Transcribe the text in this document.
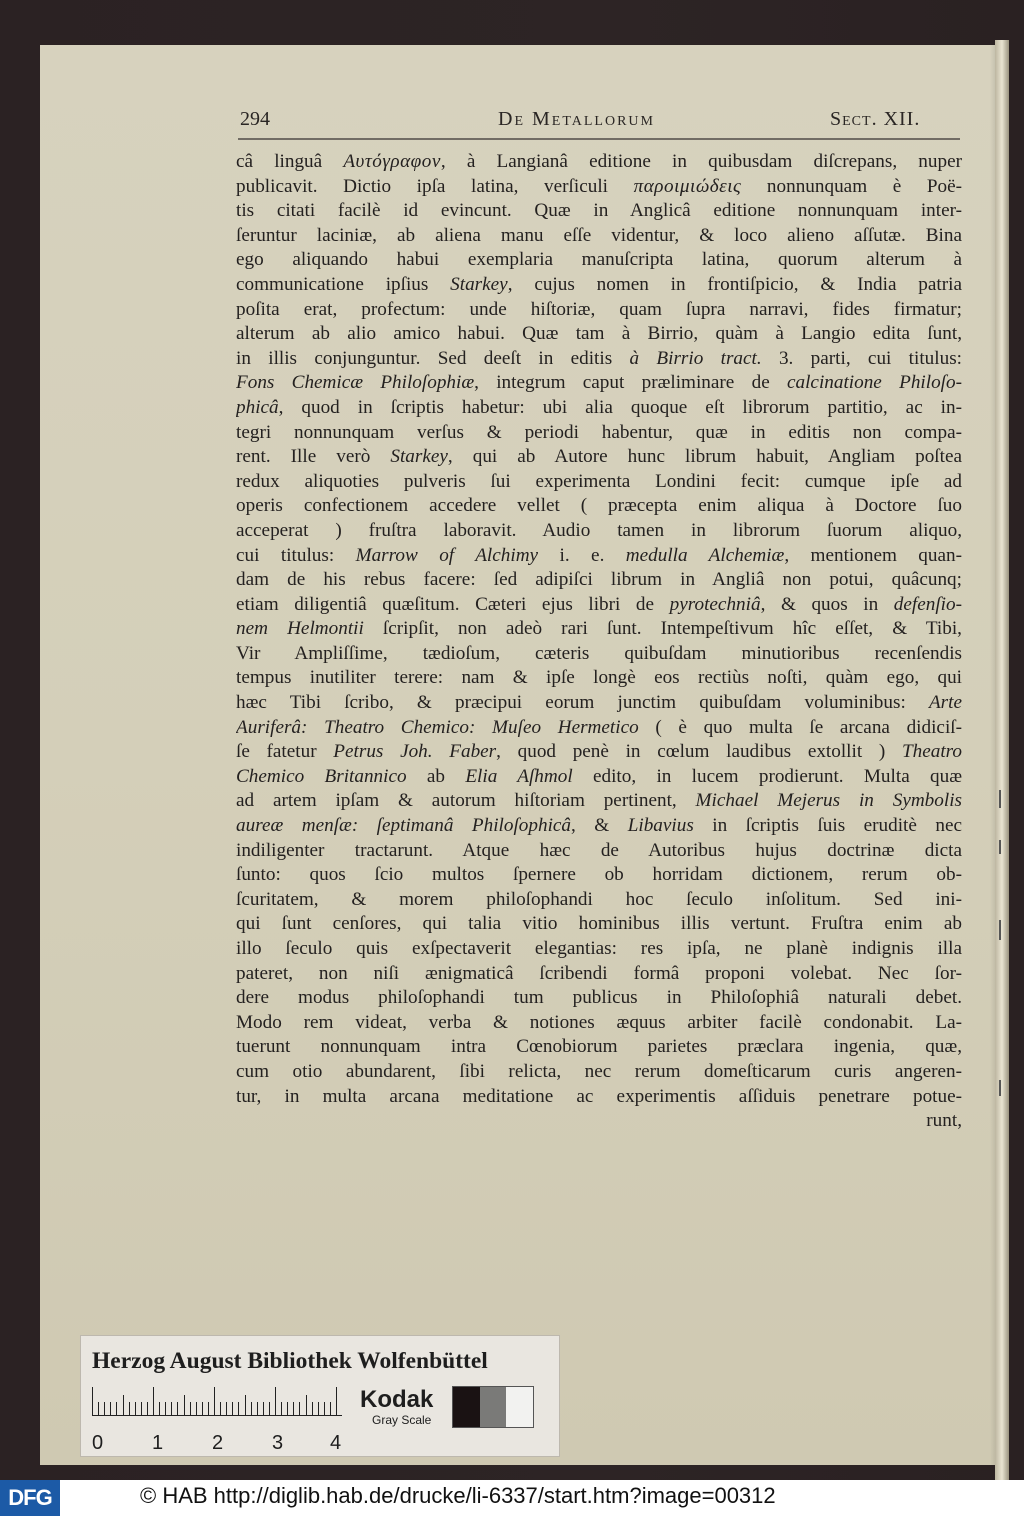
294	De Metallorum	Sect. XII.
câ linguâ Αυτόγραφον, à Langianâ editione in quibusdam diſcrepans, nuper
publicavit. Dictio ipſa latina, verſiculi παροιμιώδεις nonnunquam è Poë-
tis citati facilè id evincunt. Quæ in Anglicâ editione nonnunquam inter-
ſeruntur laciniæ, ab aliena manu eſſe videntur, & loco alieno aſſutæ. Bina
ego aliquando habui exemplaria manuſcripta latina, quorum alterum à
communicatione ipſius Starkey, cujus nomen in frontiſpicio, & India patria
poſita erat, profectum: unde hiſtoriæ, quam ſupra narravi, fides firmatur;
alterum ab alio amico habui. Quæ tam à Birrio, quàm à Langio edita ſunt,
in illis conjunguntur. Sed deeſt in editis à Birrio tract. 3. parti, cui titulus:
Fons Chemicæ Philoſophiæ, integrum caput præliminare de calcinatione Philoſo-
phicâ, quod in ſcriptis habetur: ubi alia quoque eſt librorum partitio, ac in-
tegri nonnunquam verſus & periodi habentur, quæ in editis non compa-
rent. Ille verò Starkey, qui ab Autore hunc librum habuit, Angliam poſtea
redux aliquoties pulveris ſui experimenta Londini fecit: cumque ipſe ad
operis confectionem accedere vellet ( præcepta enim aliqua à Doctore ſuo
acceperat ) fruſtra laboravit. Audio tamen in librorum ſuorum aliquo,
cui titulus: Marrow of Alchimy i. e. medulla Alchemiæ, mentionem quan-
dam de his rebus facere: ſed adipiſci librum in Angliâ non potui, quâcunq;
etiam diligentiâ quæſitum. Cæteri ejus libri de pyrotechniâ, & quos in defenſio-
nem Helmontii ſcripſit, non adeò rari ſunt. Intempeſtivum hîc eſſet, & Tibi,
Vir Ampliſſime, tædioſum, cæteris quibuſdam minutioribus recenſendis
tempus inutiliter terere: nam & ipſe longè eos rectiùs noſti, quàm ego, qui
hæc Tibi ſcribo, & præcipui eorum junctim quibuſdam voluminibus: Arte
Auriferâ: Theatro Chemico: Muſeo Hermetico ( è quo multa ſe arcana didiciſ-
ſe fatetur Petrus Joh. Faber, quod penè in cœlum laudibus extollit ) Theatro
Chemico Britannico ab Elia Aſhmol edito, in lucem prodierunt. Multa quæ
ad artem ipſam & autorum hiſtoriam pertinent, Michael Mejerus in Symbolis
aureæ menſæ: ſeptimanâ Philoſophicâ, & Libavius in ſcriptis ſuis eruditè nec
indiligenter tractarunt. Atque hæc de Autoribus hujus doctrinæ dicta
ſunto: quos ſcio multos ſpernere ob horridam dictionem, rerum ob-
ſcuritatem, & morem philoſophandi hoc ſeculo inſolitum. Sed ini-
qui ſunt cenſores, qui talia vitio hominibus illis vertunt. Fruſtra enim ab
illo ſeculo quis exſpectaverit elegantias: res ipſa, ne planè indignis illa
pateret, non niſi ænigmaticâ ſcribendi formâ proponi volebat. Nec ſor-
dere modus philoſophandi tum publicus in Philoſophiâ naturali debet.
Modo rem videat, verba & notiones æquus arbiter facilè condonabit. La-
tuerunt nonnunquam intra Cœnobiorum parietes præclara ingenia, quæ,
cum otio abundarent, ſibi relicta, nec rerum domeſticarum curis angeren-
tur, in multa arcana meditatione ac experimentis aſſiduis penetrare potue-
runt,
Herzog August Bibliothek Wolfenbüttel
0 1 2 3 4
Kodak
Gray Scale
DFG	© HAB http://diglib.hab.de/drucke/li-6337/start.htm?image=00312
